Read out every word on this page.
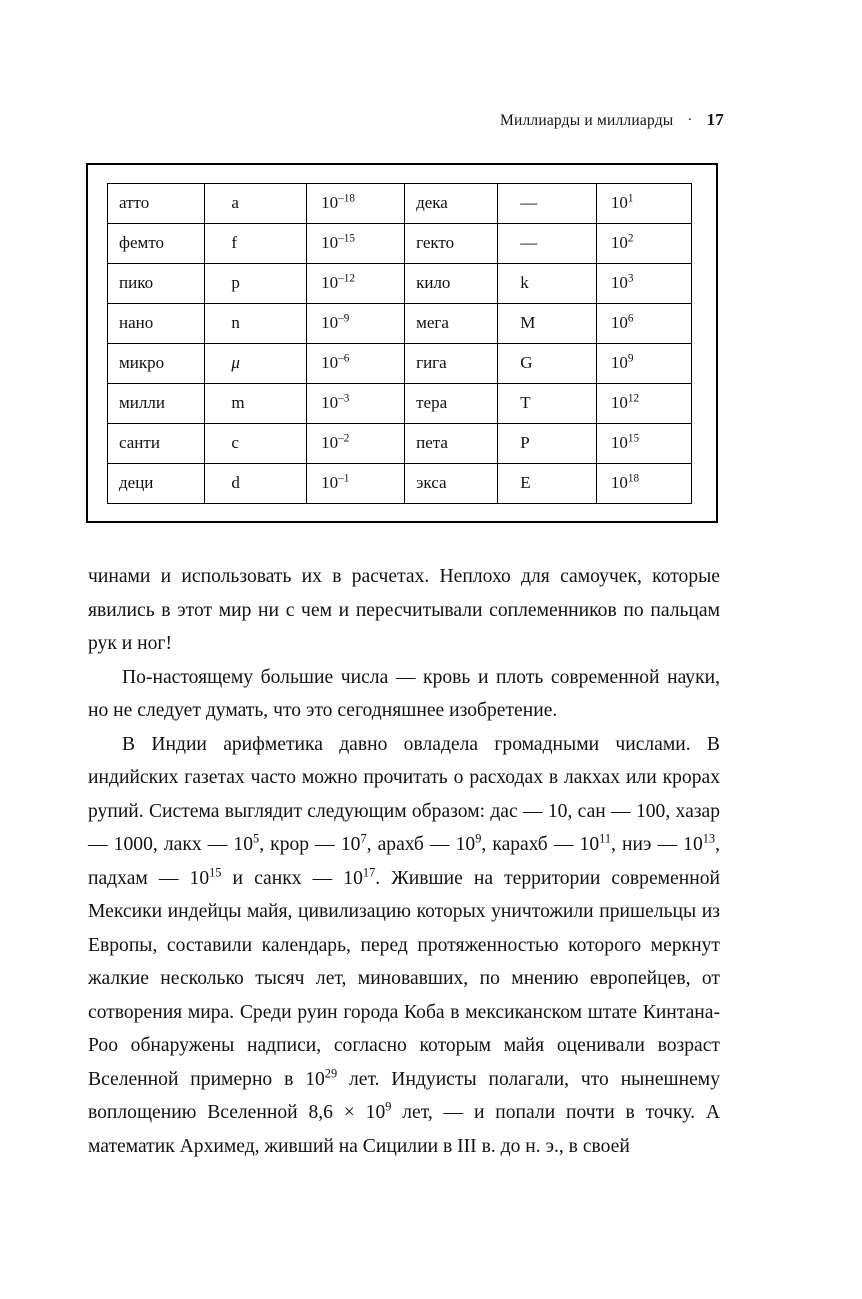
Миллиарды и миллиарды · 17
атто	a	$10^{-18}$	дека	—	$10^1$
фемто	f	$10^{-15}$	гекто	—	$10^2$
пико	p	$10^{-12}$	кило	k	$10^3$
нано	n	$10^{-9}$	мега	M	$10^6$
микро	μ	$10^{-6}$	гига	G	$10^9$
милли	m	$10^{-3}$	тера	T	$10^{12}$
санти	c	$10^{-2}$	пета	P	$10^{15}$
деци	d	$10^{-1}$	экса	E	$10^{18}$

чинами и использовать их в расчетах. Неплохо для самоучек, которые явились в этот мир ни с чем и пересчитывали соплеменников по пальцам рук и ног!

По-настоящему большие числа — кровь и плоть современной науки, но не следует думать, что это сегодняшнее изобретение.

В Индии арифметика давно овладела громадными числами. В индийских газетах часто можно прочитать о расходах в лакхах или крорах рупий. Система выглядит следующим образом: дас — 10, сан — 100, хазар — 1000, лакх — $10^5$, крор — $10^7$, арахб — $10^9$, карахб — $10^{11}$, ниэ — $10^{13}$, падхам — $10^{15}$ и санкх — $10^{17}$. Жившие на территории современной Мексики индейцы майя, цивилизацию которых уничтожили пришельцы из Европы, составили календарь, перед протяженностью которого меркнут жалкие несколько тысяч лет, миновавших, по мнению европейцев, от сотворения мира. Среди руин города Коба в мексиканском штате Кинтана-Роо обнаружены надписи, согласно которым майя оценивали возраст Вселенной примерно в $10^{29}$ лет. Индуисты полагали, что нынешнему воплощению Вселенной $8,6 \times 10^9$ лет, — и попали почти в точку. А математик Архимед, живший на Сицилии в III в. до н. э., в своей
